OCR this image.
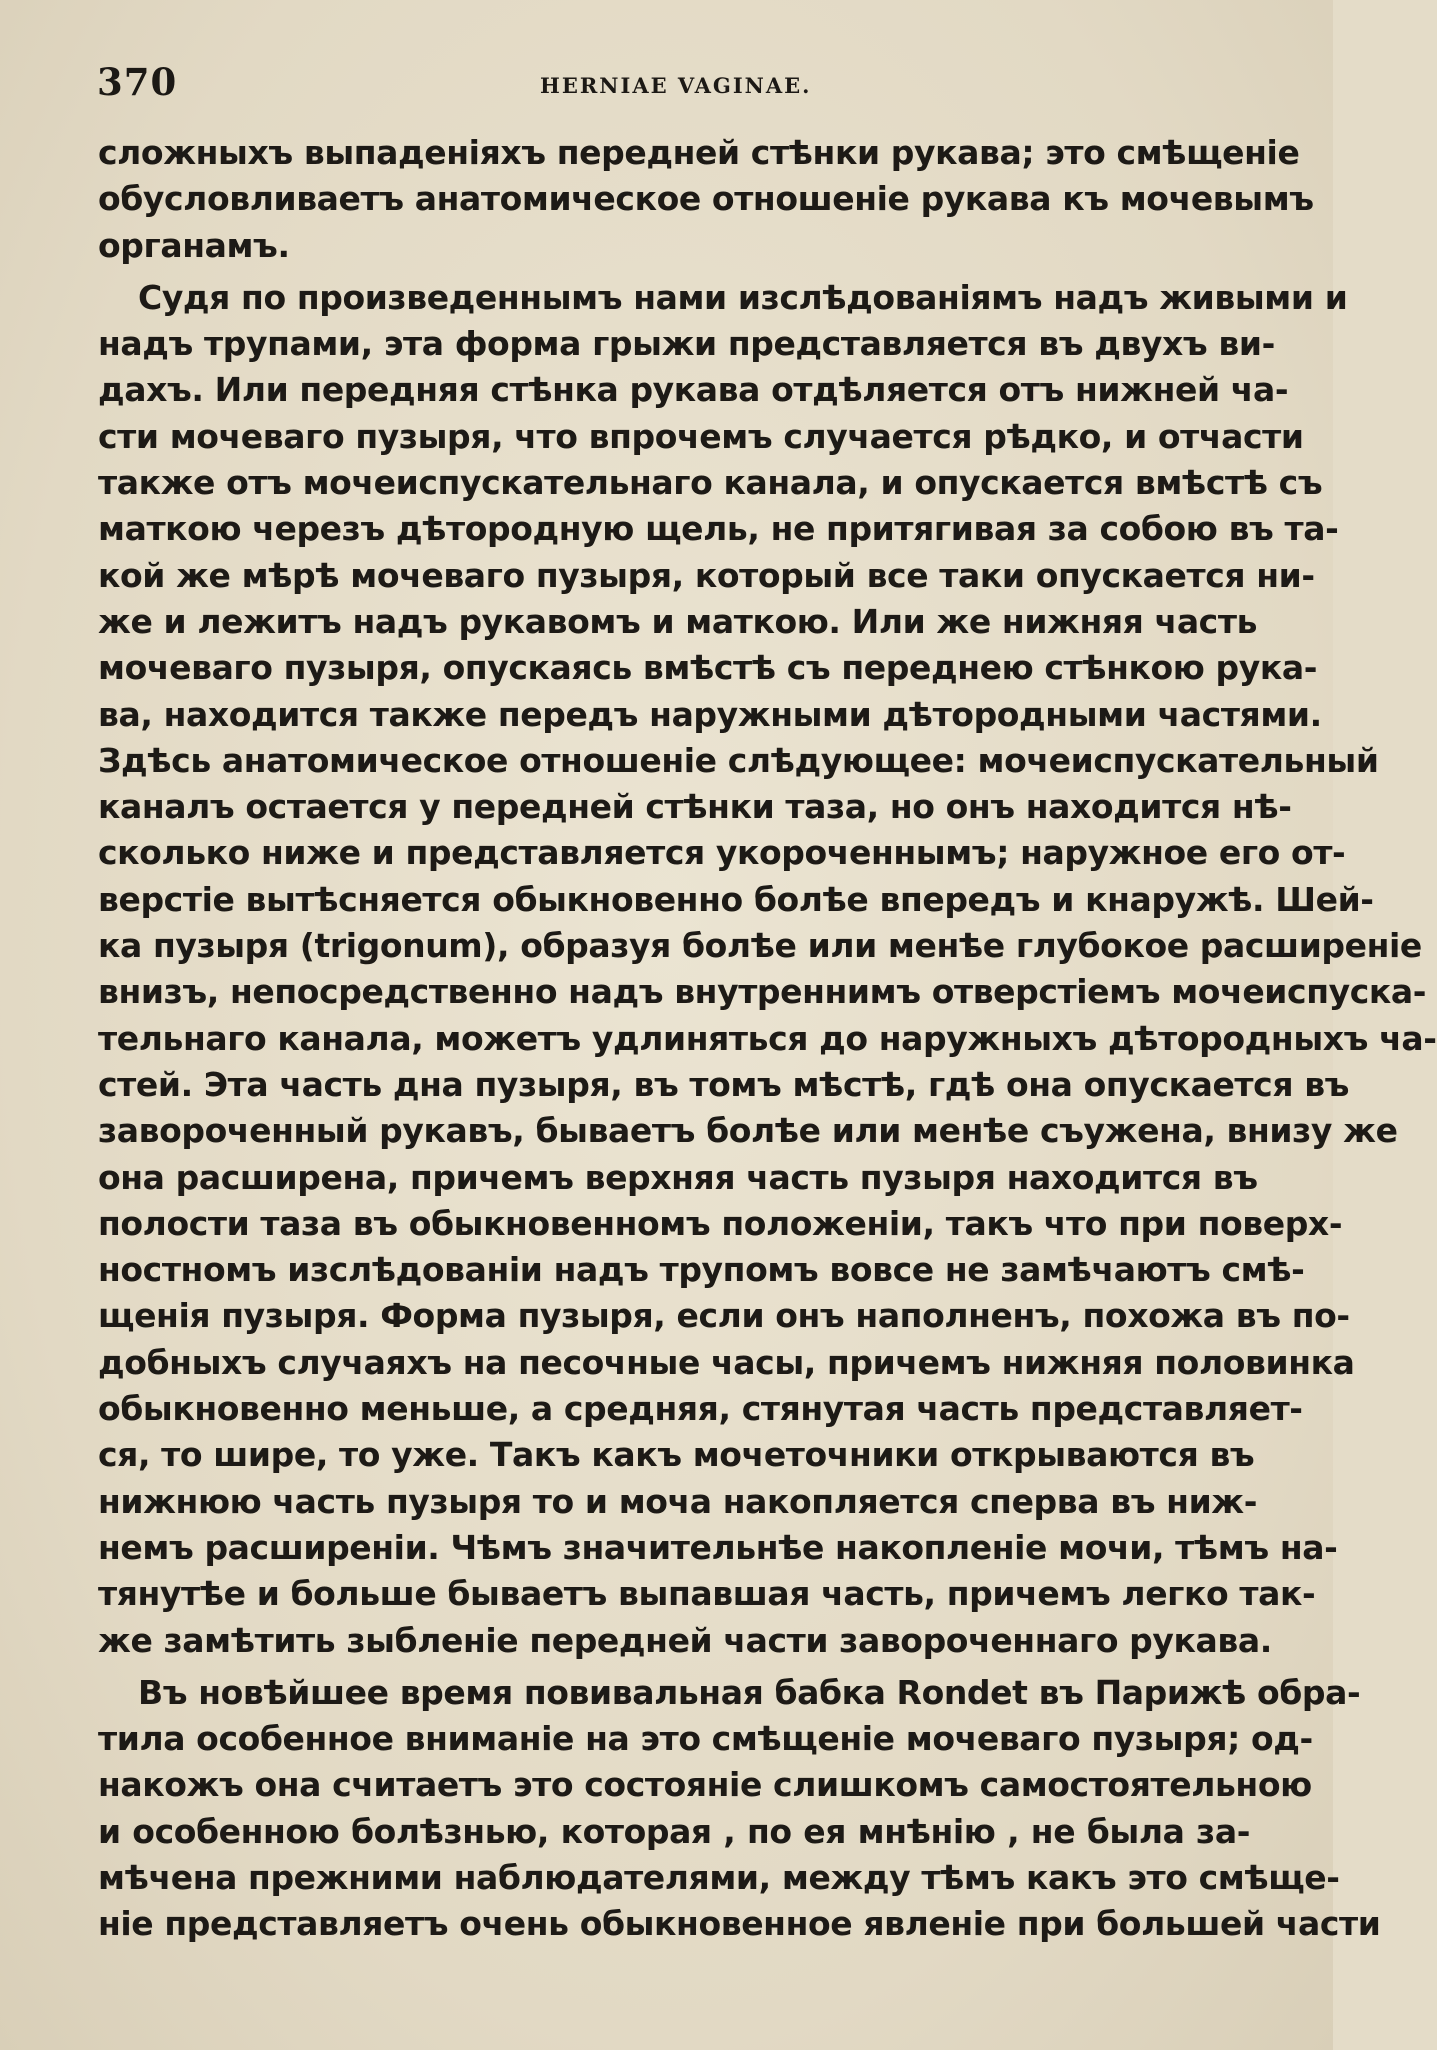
370	HERNIAE VAGINAE.
сложныхъ выпаденiяхъ передней стѣнки рукава; это смѣщенiе
обусловливаетъ анатомическое отношенiе рукава къ мочевымъ
органамъ.
Судя по произведеннымъ нами изслѣдованiямъ надъ живыми и
надъ трупами, эта форма грыжи представляется въ двухъ ви-
дахъ. Или передняя стѣнка рукава отдѣляется отъ нижней ча-
сти мочеваго пузыря, что впрочемъ случается рѣдко, и отчасти
также отъ мочеиспускательнаго канала, и опускается вмѣстѣ съ
маткою черезъ дѣтородную щель, не притягивая за собою въ та-
кой же мѣрѣ мочеваго пузыря, который все таки опускается ни-
же и лежитъ надъ рукавомъ и маткою. Или же нижняя часть
мочеваго пузыря, опускаясь вмѣстѣ съ переднею стѣнкою рука-
ва, находится также передъ наружными дѣтородными частями.
Здѣсь анатомическое отношенiе слѣдующее: мочеиспускательный
каналъ остается у передней стѣнки таза, но онъ находится нѣ-
сколько ниже и представляется укороченнымъ; наружное его от-
верстiе вытѣсняется обыкновенно болѣе впередъ и кнаружѣ. Шей-
ка пузыря (trigonum), образуя болѣе или менѣе глубокое расширенiе
внизъ, непосредственно надъ внутреннимъ отверстiемъ мочеиспуска-
тельнаго канала, можетъ удлиняться до наружныхъ дѣтородныхъ ча-
стей. Эта часть дна пузыря, въ томъ мѣстѣ, гдѣ она опускается въ
завороченный рукавъ, бываетъ болѣе или менѣе съужена, внизу же
она расширена, причемъ верхняя часть пузыря находится въ
полости таза въ обыкновенномъ положенiи, такъ что при поверх-
ностномъ изслѣдованiи надъ трупомъ вовсе не замѣчаютъ смѣ-
щенiя пузыря. Форма пузыря, если онъ наполненъ, похожа въ по-
добныхъ случаяхъ на песочные часы, причемъ нижняя половинка
обыкновенно меньше, а средняя, стянутая часть представляет-
ся, то шире, то уже. Такъ какъ мочеточники открываются въ
нижнюю часть пузыря то и моча накопляется сперва въ ниж-
немъ расширенiи. Чѣмъ значительнѣе накопленiе мочи, тѣмъ на-
тянутѣе и больше бываетъ выпавшая часть, причемъ легко так-
же замѣтить зыбленiе передней части завороченнаго рукава.
Въ новѣйшее время повивальная бабка Rondet въ Парижѣ обра-
тила особенное вниманiе на это смѣщенiе мочеваго пузыря; од-
накожъ она считаетъ это состоянiе слишкомъ самостоятельною
и особенною болѣзнью, которая , по ея мнѣнiю , не была за-
мѣчена прежними наблюдателями, между тѣмъ какъ это смѣще-
нiе представляетъ очень обыкновенное явленiе при большей части
